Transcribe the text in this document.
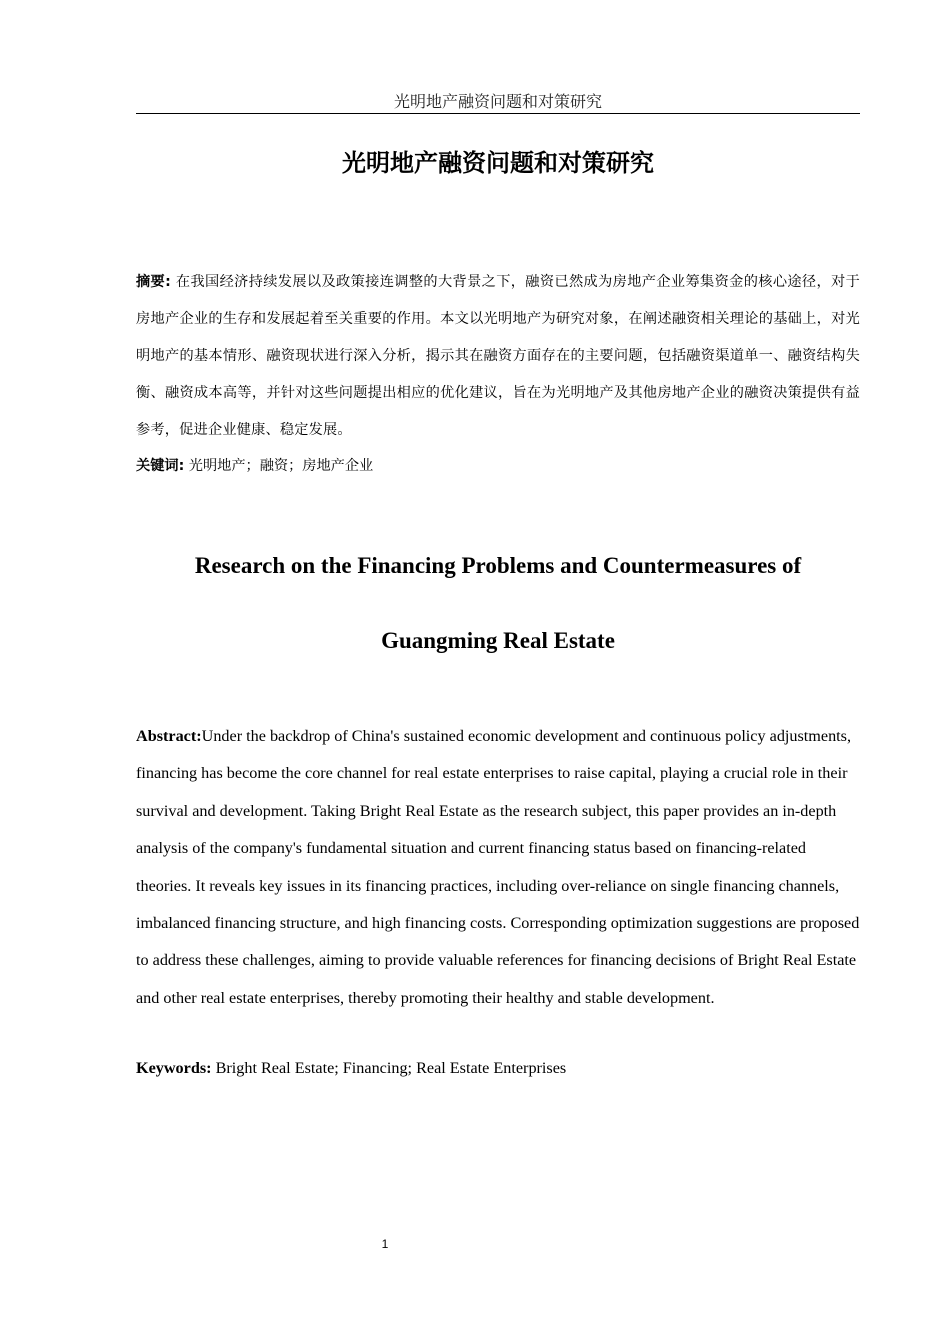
光明地产融资问题和对策研究
光明地产融资问题和对策研究
摘要: 在我国经济持续发展以及政策接连调整的大背景之下，融资已然成为房地产企业筹集资金的核心途径，对于房地产企业的生存和发展起着至关重要的作用。本文以光明地产为研究对象，在阐述融资相关理论的基础上，对光明地产的基本情形、融资现状进行深入分析，揭示其在融资方面存在的主要问题，包括融资渠道单一、融资结构失衡、融资成本高等，并针对这些问题提出相应的优化建议，旨在为光明地产及其他房地产企业的融资决策提供有益参考，促进企业健康、稳定发展。
关键词: 光明地产；融资；房地产企业
Research on the Financing Problems and Countermeasures of
Guangming Real Estate
Abstract:Under the backdrop of China's sustained economic development and continuous policy adjustments, financing has become the core channel for real estate enterprises to raise capital, playing a crucial role in their survival and development. Taking Bright Real Estate as the research subject, this paper provides an in-depth analysis of the company's fundamental situation and current financing status based on financing-related theories. It reveals key issues in its financing practices, including over-reliance on single financing channels, imbalanced financing structure, and high financing costs. Corresponding optimization suggestions are proposed to address these challenges, aiming to provide valuable references for financing decisions of Bright Real Estate and other real estate enterprises, thereby promoting their healthy and stable development.
Keywords: Bright Real Estate; Financing; Real Estate Enterprises
1
